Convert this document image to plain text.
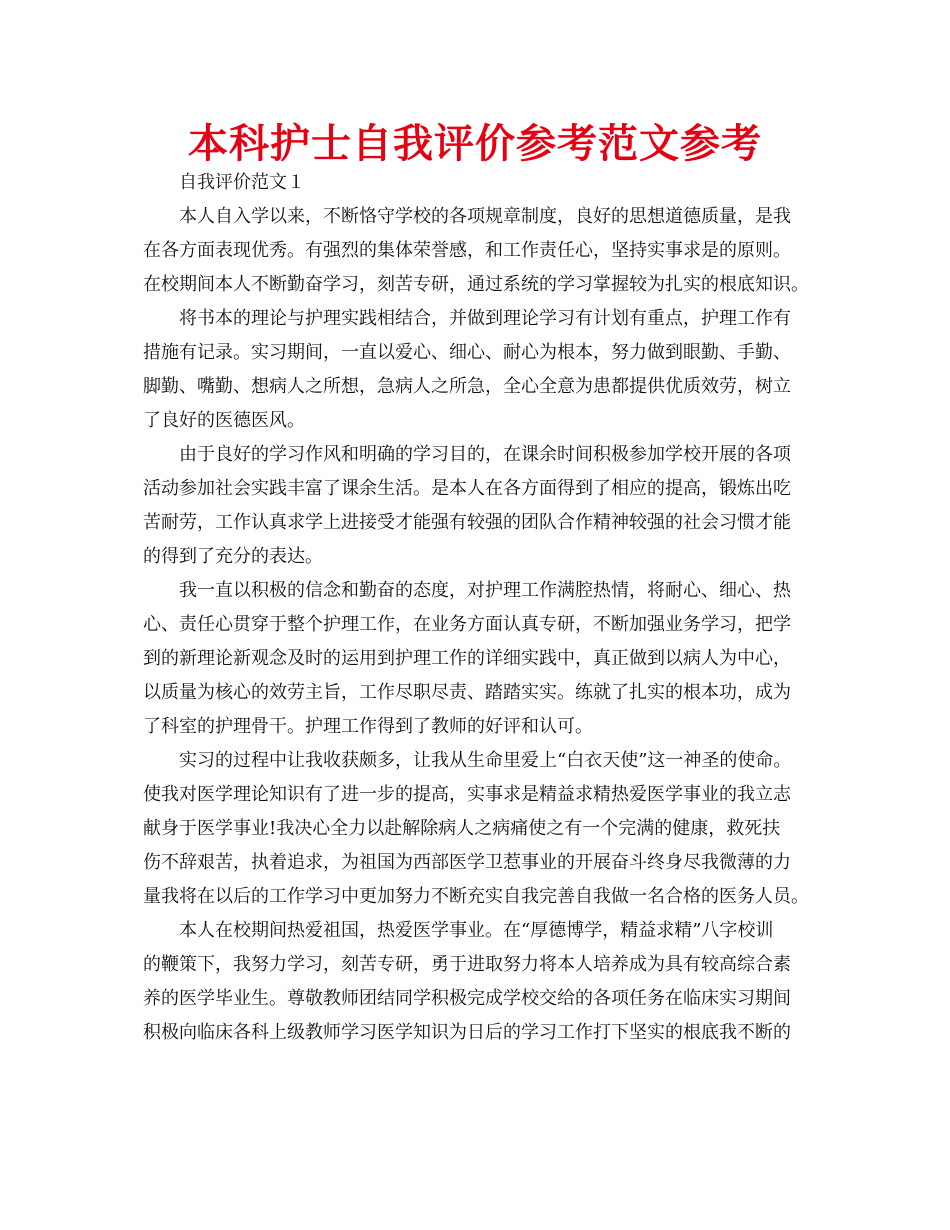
本科护士自我评价参考范文参考

自我评价范文１

本人自入学以来，不断恪守学校的各项规章制度，良好的思想道德质量，是我
在各方面表现优秀。有强烈的集体荣誉感，和工作责任心，坚持实事求是的原则。
在校期间本人不断勤奋学习，刻苦专研，通过系统的学习掌握较为扎实的根底知识。

将书本的理论与护理实践相结合，并做到理论学习有计划有重点，护理工作有
措施有记录。实习期间，一直以爱心、细心、耐心为根本，努力做到眼勤、手勤、
脚勤、嘴勤、想病人之所想，急病人之所急，全心全意为患都提供优质效劳，树立
了良好的医德医风。

由于良好的学习作风和明确的学习目的，在课余时间积极参加学校开展的各项
活动参加社会实践丰富了课余生活。是本人在各方面得到了相应的提高，锻炼出吃
苦耐劳，工作认真求学上进接受才能强有较强的团队合作精神较强的社会习惯才能
的得到了充分的表达。

我一直以积极的信念和勤奋的态度，对护理工作满腔热情，将耐心、细心、热
心、责任心贯穿于整个护理工作，在业务方面认真专研，不断加强业务学习，把学
到的新理论新观念及时的运用到护理工作的详细实践中，真正做到以病人为中心，
以质量为核心的效劳主旨，工作尽职尽责、踏踏实实。练就了扎实的根本功，成为
了科室的护理骨干。护理工作得到了教师的好评和认可。

实习的过程中让我收获颇多，让我从生命里爱上“白衣天使”这一神圣的使命。
使我对医学理论知识有了进一步的提高，实事求是精益求精热爱医学事业的我立志
献身于医学事业!我决心全力以赴解除病人之病痛使之有一个完满的健康，救死扶
伤不辞艰苦，执着追求，为祖国为西部医学卫惹事业的开展奋斗终身尽我微薄的力
量我将在以后的工作学习中更加努力不断充实自我完善自我做一名合格的医务人员。

本人在校期间热爱祖国，热爱医学事业。在“厚德博学，精益求精”八字校训
的鞭策下，我努力学习，刻苦专研，勇于进取努力将本人培养成为具有较高综合素
养的医学毕业生。尊敬教师团结同学积极完成学校交给的各项任务在临床实习期间
积极向临床各科上级教师学习医学知识为日后的学习工作打下坚实的根底我不断的
